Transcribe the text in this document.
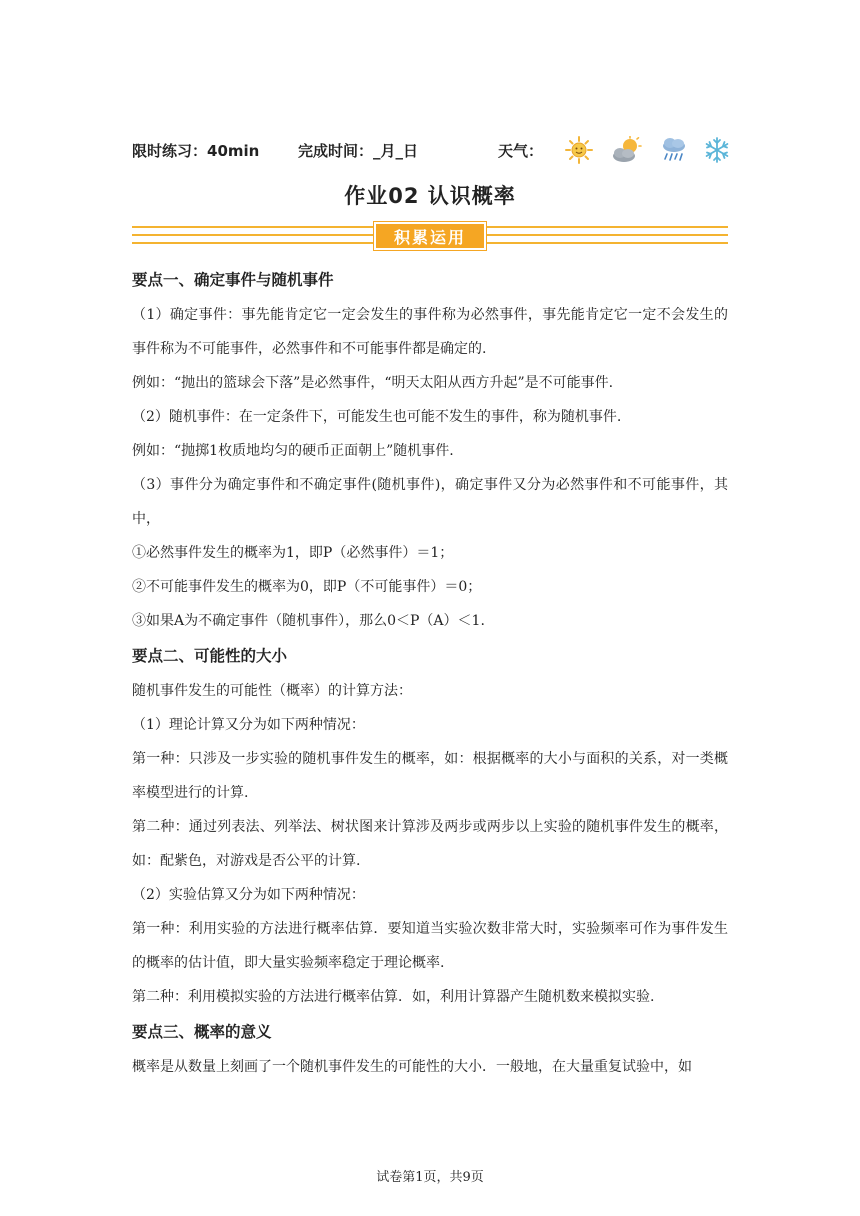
限时练习：40min	完成时间：_月_日	天气：
作业02 认识概率
积累运用

要点一、确定事件与随机事件

（1）确定事件：事先能肯定它一定会发生的事件称为必然事件，事先能肯定它一定不会发生的事件称为不可能事件，必然事件和不可能事件都是确定的.

例如：“抛出的篮球会下落”是必然事件，“明天太阳从西方升起”是不可能事件.

（2）随机事件：在一定条件下，可能发生也可能不发生的事件，称为随机事件.

例如：“抛掷1枚质地均匀的硬币正面朝上”随机事件.

（3）事件分为确定事件和不确定事件(随机事件)，确定事件又分为必然事件和不可能事件，其中，

①必然事件发生的概率为1，即P（必然事件）＝1；

②不可能事件发生的概率为0，即P（不可能事件）＝0；

③如果A为不确定事件（随机事件），那么0＜P（A）＜1.

要点二、可能性的大小

随机事件发生的可能性（概率）的计算方法：

（1）理论计算又分为如下两种情况：

第一种：只涉及一步实验的随机事件发生的概率，如：根据概率的大小与面积的关系，对一类概率模型进行的计算.

第二种：通过列表法、列举法、树状图来计算涉及两步或两步以上实验的随机事件发生的概率，如：配紫色，对游戏是否公平的计算.

（2）实验估算又分为如下两种情况：

第一种：利用实验的方法进行概率估算．要知道当实验次数非常大时，实验频率可作为事件发生的概率的估计值，即大量实验频率稳定于理论概率.

第二种：利用模拟实验的方法进行概率估算．如，利用计算器产生随机数来模拟实验.

要点三、概率的意义

概率是从数量上刻画了一个随机事件发生的可能性的大小．一般地，在大量重复试验中，如

试卷第1页，共9页
